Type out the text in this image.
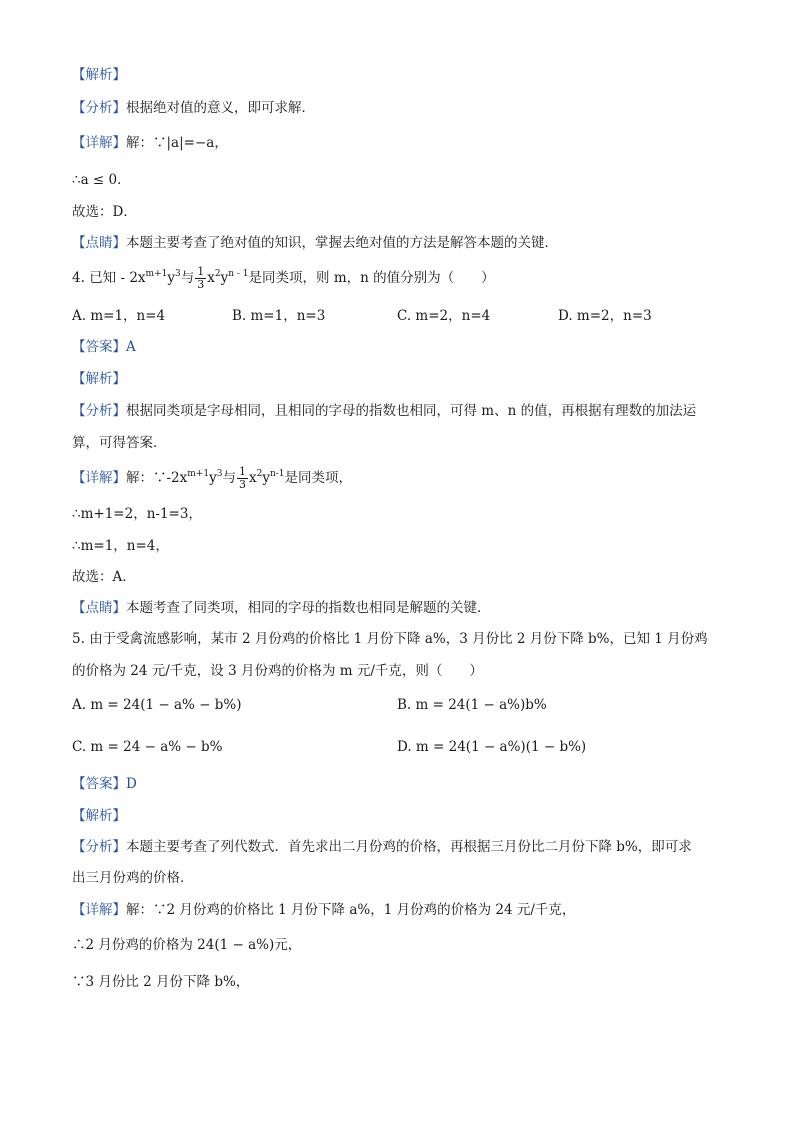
【解析】
【分析】根据绝对值的意义，即可求解．
【详解】解：∵|a|=−a，
∴a ≤ 0．
故选：D．
【点睛】本题主要考查了绝对值的知识，掌握去绝对值的方法是解答本题的关键．
4. 已知 - $2x^{m+1}y^3$与 $\frac{1}{3} x^2y^{n - 1}$是同类项，则 m，n 的值分别为（　　）
A. m=1，n=4	B. m=1，n=3	C. m=2，n=4	D. m=2，n=3
【答案】A
【解析】
【分析】根据同类项是字母相同，且相同的字母的指数也相同，可得 m、n 的值，再根据有理数的加法运
算，可得答案．
【详解】解：$\because-2x^{m+1}y^3$与 $\frac{1}{3} x^2y^{n-1}$是同类项，
∴m+1=2，n-1=3，
∴m=1，n=4，
故选：A．
【点睛】本题考查了同类项，相同的字母的指数也相同是解题的关键．
5. 由于受禽流感影响，某市 2 月份鸡的价格比 1 月份下降 a%，3 月份比 2 月份下降 b%，已知 1 月份鸡
的价格为 24 元/千克，设 3 月份鸡的价格为 m 元/千克，则（　　）
A. m = 24(1 − a% − b%)	B. m = 24(1 − a%)b%
C. m = 24 − a% − b%	D. m = 24(1 − a%)(1 − b%)
【答案】D
【解析】
【分析】本题主要考查了列代数式．首先求出二月份鸡的价格，再根据三月份比二月份下降 b%，即可求
出三月份鸡的价格．
【详解】解：∵2 月份鸡的价格比 1 月份下降 a%，1 月份鸡的价格为 24 元/千克，
∴2 月份鸡的价格为 24(1 − a%)元，
∵3 月份比 2 月份下降 b%，
